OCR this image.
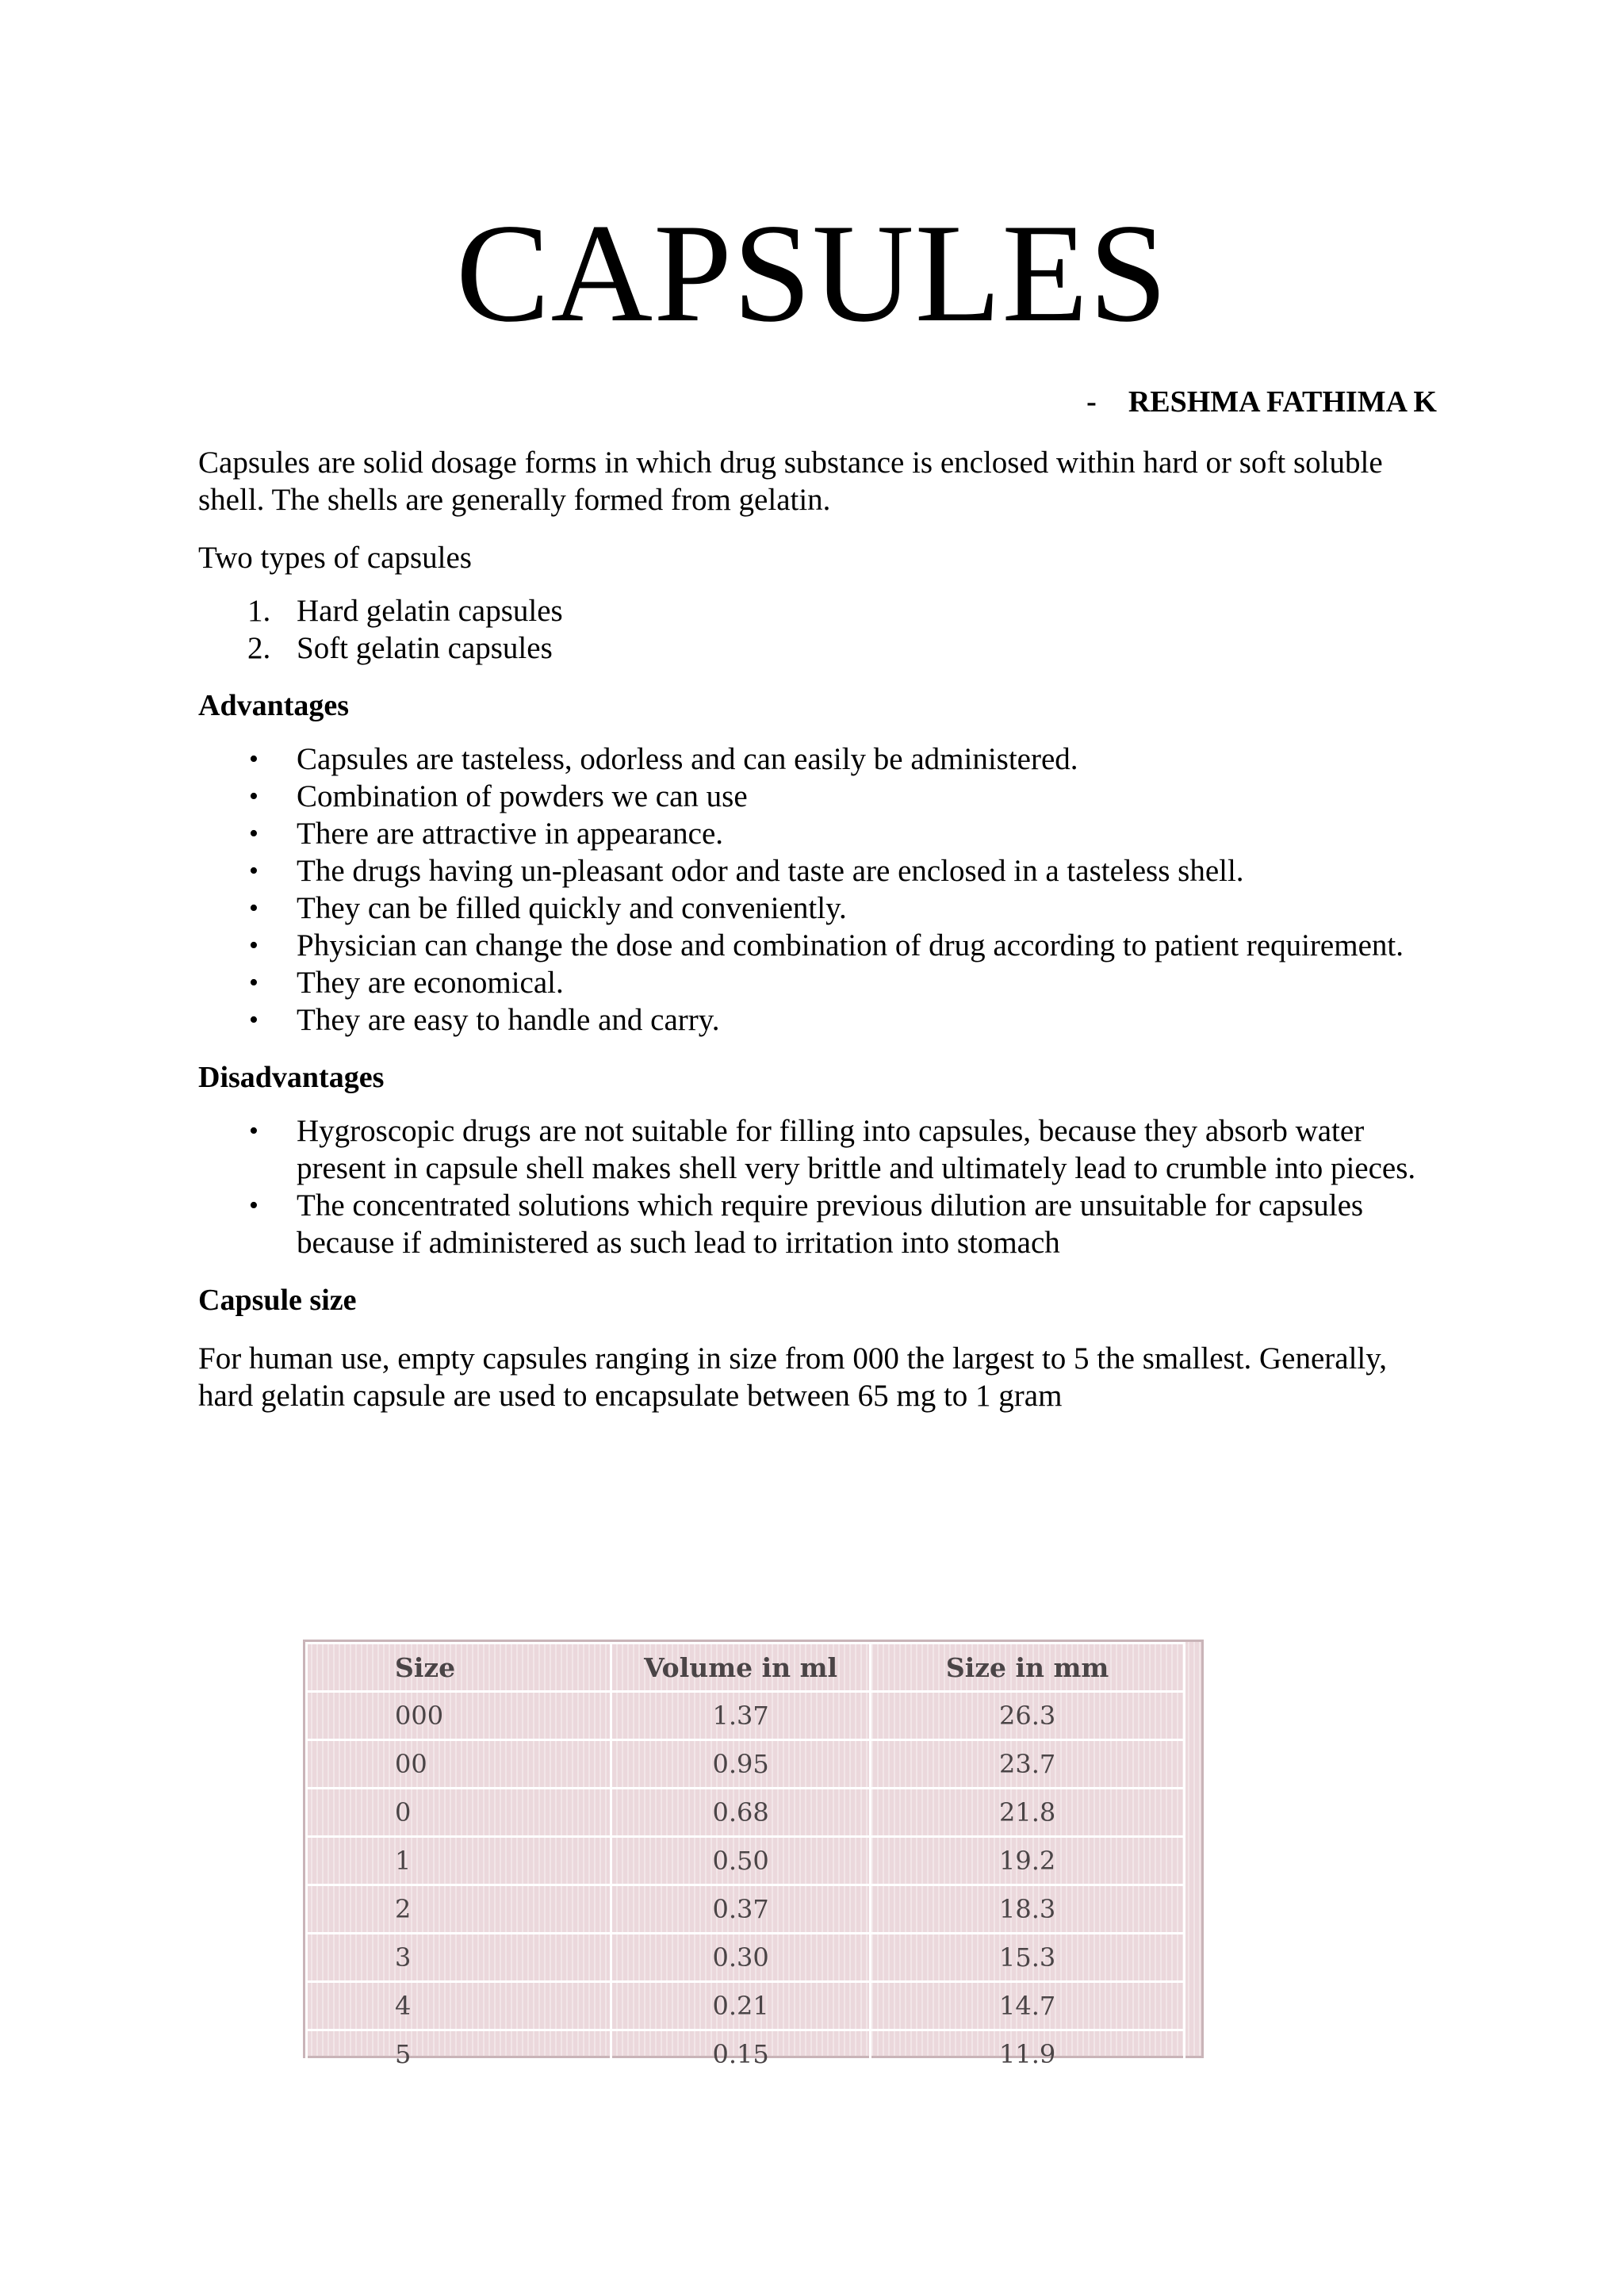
CAPSULES
- RESHMA FATHIMA K

Capsules are solid dosage forms in which drug substance is enclosed within hard or soft soluble shell. The shells are generally formed from gelatin.

Two types of capsules

1. Hard gelatin capsules
2. Soft gelatin capsules
Advantages
• Capsules are tasteless, odorless and can easily be administered.
• Combination of powders we can use
• There are attractive in appearance.
• The drugs having un-pleasant odor and taste are enclosed in a tasteless shell.
• They can be filled quickly and conveniently.
• Physician can change the dose and combination of drug according to patient requirement.
• They are economical.
• They are easy to handle and carry.
Disadvantages
• Hygroscopic drugs are not suitable for filling into capsules, because they absorb water present in capsule shell makes shell very brittle and ultimately lead to crumble into pieces.
• The concentrated solutions which require previous dilution are unsuitable for capsules because if administered as such lead to irritation into stomach
Capsule size

For human use, empty capsules ranging in size from 000 the largest to 5 the smallest. Generally, hard gelatin capsule are used to encapsulate between 65 mg to 1 gram

Size	Volume in ml	Size in mm
000	1.37	26.3
00	0.95	23.7
0	0.68	21.8
1	0.50	19.2
2	0.37	18.3
3	0.30	15.3
4	0.21	14.7
5	0.15	11.9
